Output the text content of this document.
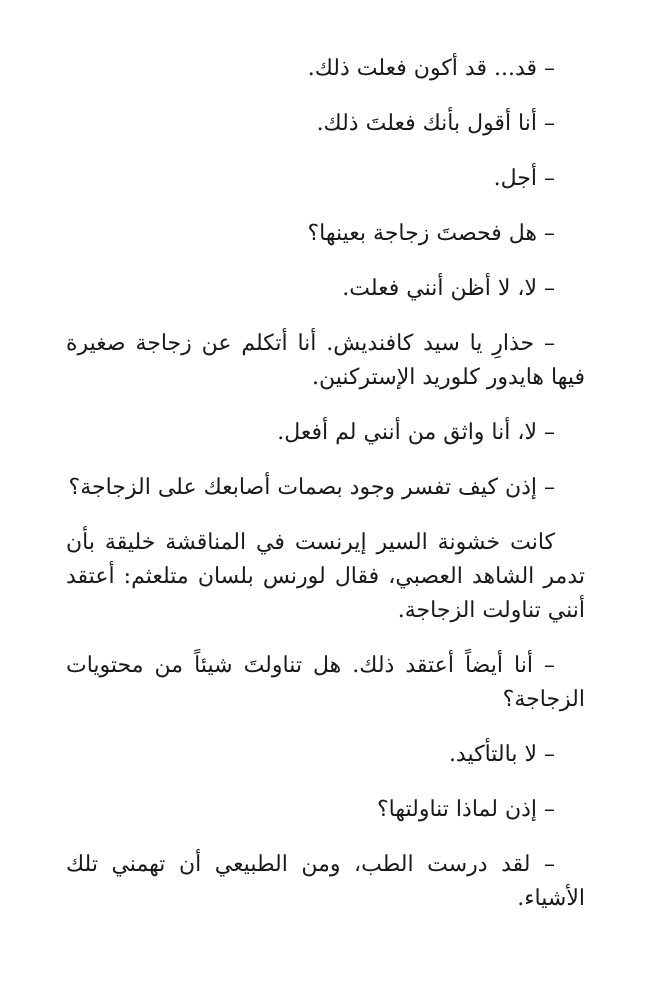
– قد... قد أكون فعلت ذلك.

– أنا أقول بأنك فعلتَ ذلك.

– أجل.

– هل فحصتَ زجاجة بعينها؟

– لا، لا أظن أنني فعلت.

– حذارِ يا سيد كافنديش. أنا أتكلم عن زجاجة صغيرة فيها هايدور كلوريد الإستركنين.

– لا، أنا واثق من أنني لم أفعل.

– إذن كيف تفسر وجود بصمات أصابعك على الزجاجة؟

كانت خشونة السير إيرنست في المناقشة خليقة بأن تدمر الشاهد العصبي، فقال لورنس بلسان متلعثم: أعتقد أنني تناولت الزجاجة.

– أنا أيضاً أعتقد ذلك. هل تناولتَ شيئاً من محتويات الزجاجة؟

– لا بالتأكيد.

– إذن لماذا تناولتها؟

– لقد درست الطب، ومن الطبيعي أن تهمني تلك الأشياء.
